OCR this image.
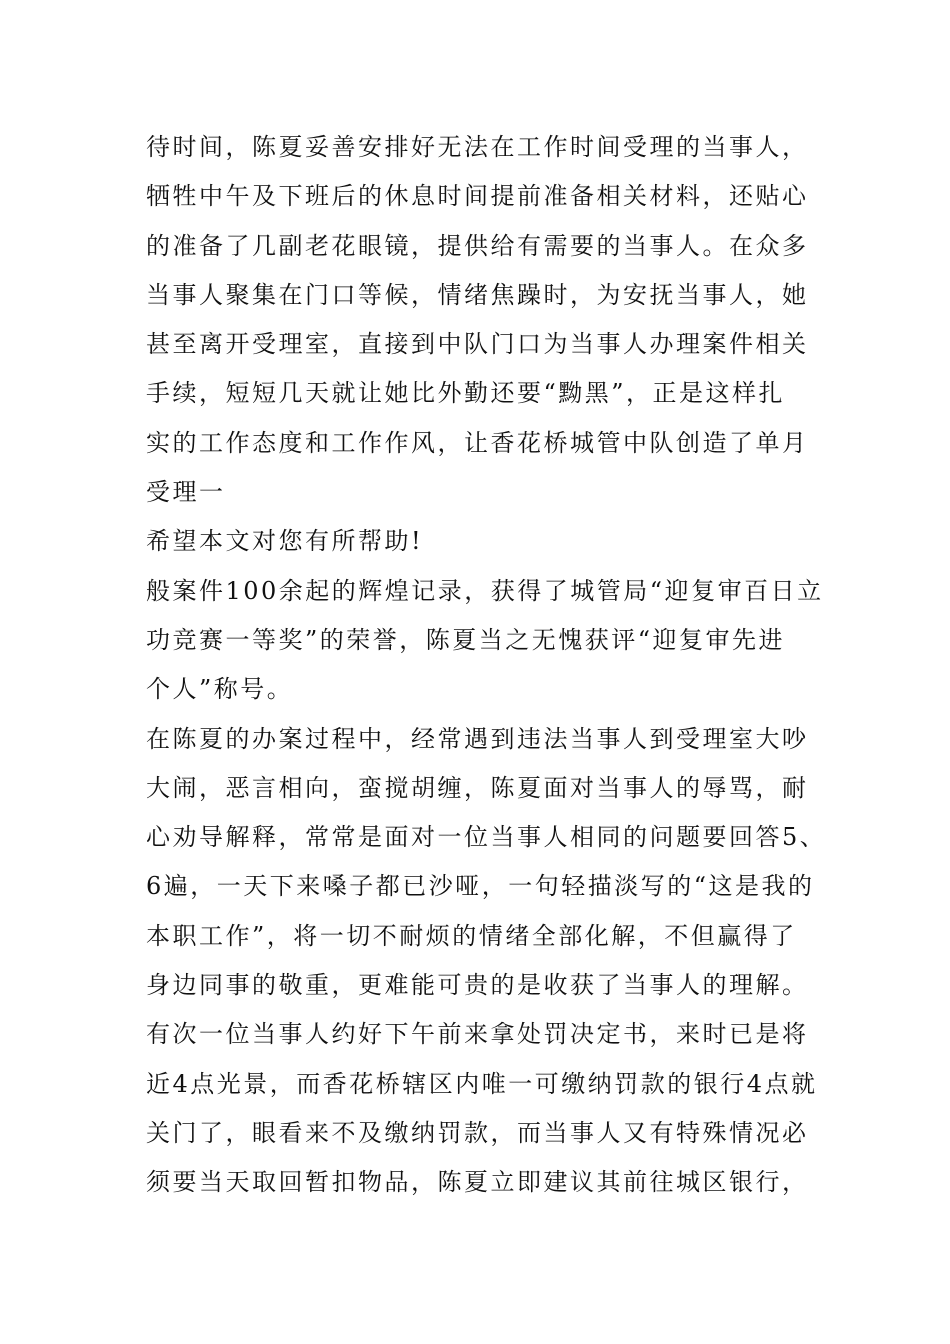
待时间，陈夏妥善安排好无法在工作时间受理的当事人，
牺牲中午及下班后的休息时间提前准备相关材料，还贴心
的准备了几副老花眼镜，提供给有需要的当事人。在众多
当事人聚集在门口等候，情绪焦躁时，为安抚当事人，她
甚至离开受理室，直接到中队门口为当事人办理案件相关
手续，短短几天就让她比外勤还要“黝黑”，正是这样扎
实的工作态度和工作作风，让香花桥城管中队创造了单月
受理一
希望本文对您有所帮助!
般案件100余起的辉煌记录，获得了城管局“迎复审百日立
功竞赛一等奖”的荣誉，陈夏当之无愧获评“迎复审先进
个人”称号。
在陈夏的办案过程中，经常遇到违法当事人到受理室大吵
大闹，恶言相向，蛮搅胡缠，陈夏面对当事人的辱骂，耐
心劝导解释，常常是面对一位当事人相同的问题要回答5、
6遍，一天下来嗓子都已沙哑，一句轻描淡写的“这是我的
本职工作”，将一切不耐烦的情绪全部化解，不但赢得了
身边同事的敬重，更难能可贵的是收获了当事人的理解。
有次一位当事人约好下午前来拿处罚决定书，来时已是将
近4点光景，而香花桥辖区内唯一可缴纳罚款的银行4点就
关门了，眼看来不及缴纳罚款，而当事人又有特殊情况必
须要当天取回暂扣物品，陈夏立即建议其前往城区银行，
